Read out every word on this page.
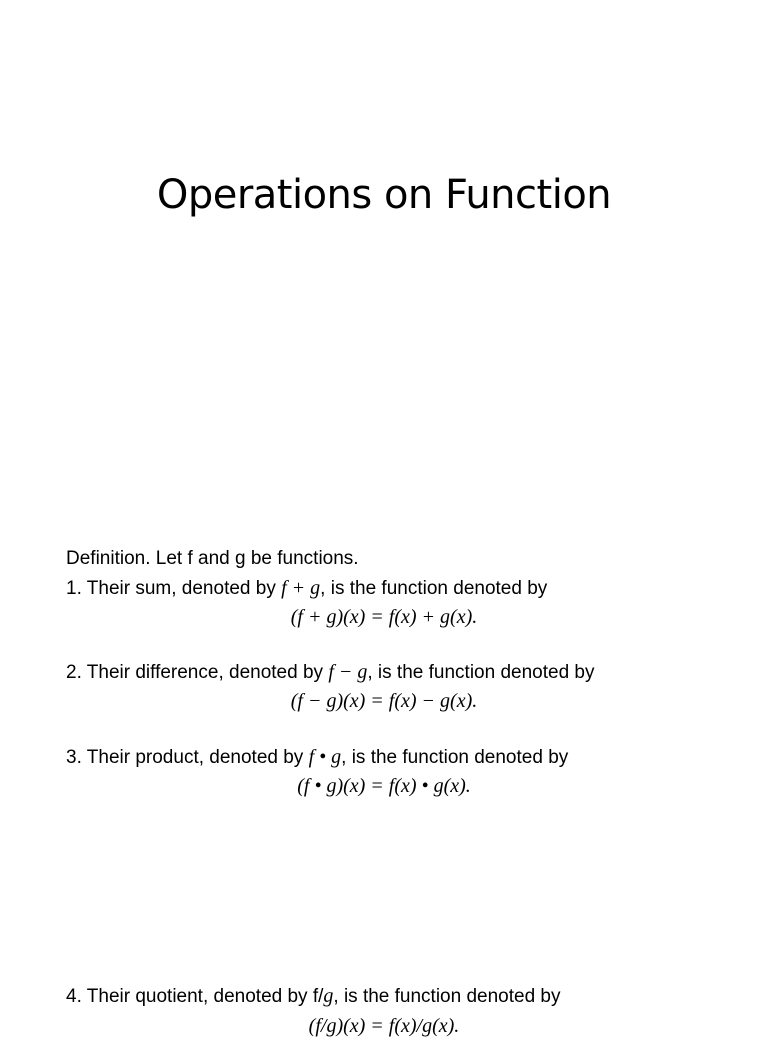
Operations on Function
Definition. Let f and g be functions.
1. Their sum, denoted by f + g, is the function denoted by
(f + g)(x) = f(x) + g(x).
2. Their difference, denoted by f − g, is the function denoted by
(f − g)(x) = f(x) − g(x).
3. Their product, denoted by f • g, is the function denoted by
(f • g)(x) = f(x) • g(x).
4. Their quotient, denoted by f/g, is the function denoted by
(f/g)(x) = f(x)/g(x).
